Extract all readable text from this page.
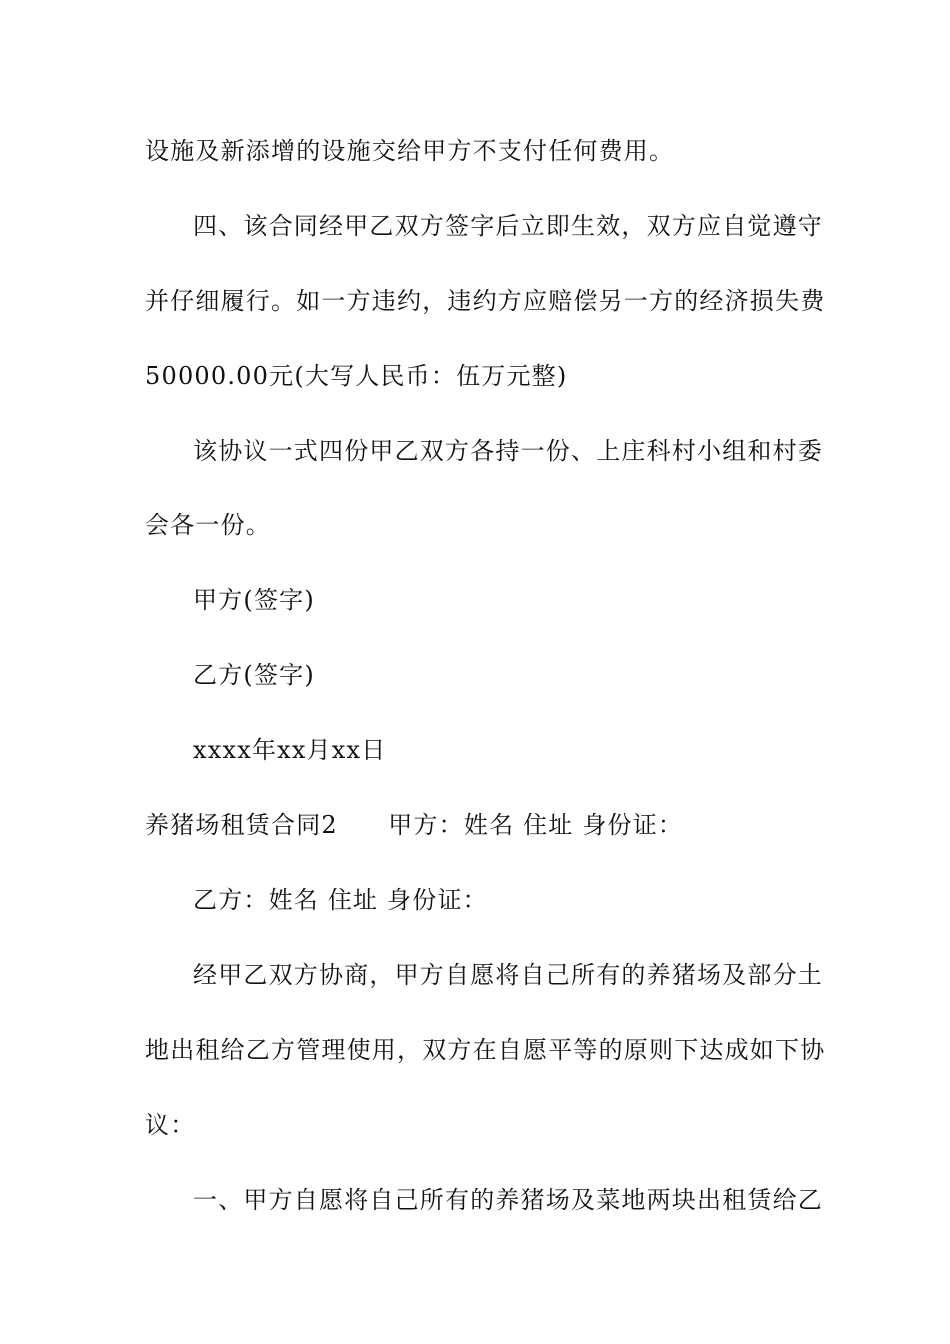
设施及新添增的设施交给甲方不支付任何费用。
四、该合同经甲乙双方签字后立即生效，双方应自觉遵守
并仔细履行。如一方违约，违约方应赔偿另一方的经济损失费
50000.00元(大写人民币：伍万元整)
该协议一式四份甲乙双方各持一份、上庄科村小组和村委
会各一份。
甲方(签字)
乙方(签字)
xxxx年xx月xx日
养猪场租赁合同2　　甲方：姓名 住址 身份证：
乙方：姓名 住址 身份证：
经甲乙双方协商，甲方自愿将自己所有的养猪场及部分土
地出租给乙方管理使用，双方在自愿平等的原则下达成如下协
议：
一、甲方自愿将自己所有的养猪场及菜地两块出租赁给乙
